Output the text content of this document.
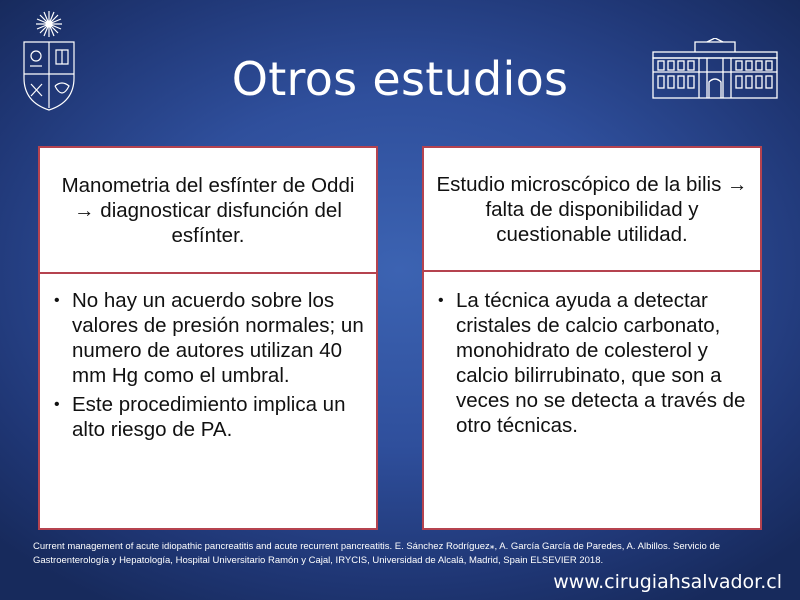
Otros estudios
Manometria del esfínter de Oddi → diagnosticar disfunción del esfínter.
• No hay un acuerdo sobre los valores de presión normales; un numero de autores utilizan 40 mm Hg como el umbral.
• Este procedimiento implica un alto riesgo de PA.
Estudio microscópico de la bilis → falta de disponibilidad y cuestionable utilidad.
• La técnica ayuda a detectar cristales de calcio carbonato, monohidrato de colesterol y calcio bilirrubinato, que son a veces no se detecta a través de otro técnicas.
Current management of acute idiopathic pancreatitis and acute recurrent pancreatitis. E. Sánchez Rodríguez⁎, A. García García de Paredes, A. Albillos. Servicio de Gastroenterología y Hepatología, Hospital Universitario Ramón y Cajal, IRYCIS, Universidad de Alcalá, Madrid, Spain ELSEVIER 2018.
www.cirugiahsalvador.cl
